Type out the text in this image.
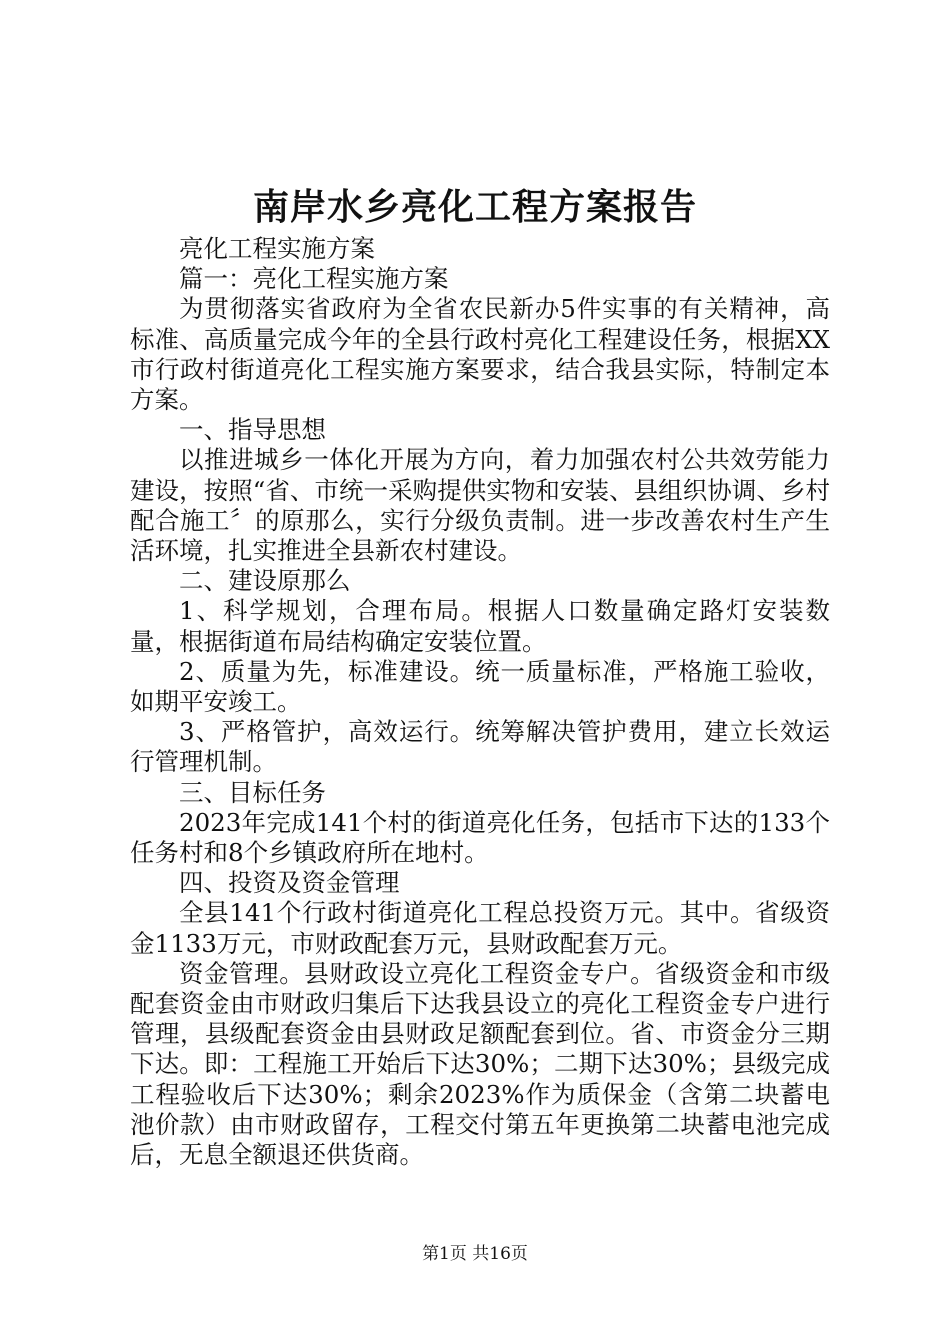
南岸水乡亮化工程方案报告

亮化工程实施方案

篇一：亮化工程实施方案

为贯彻落实省政府为全省农民新办5件实事的有关精神，高标准、高质量完成今年的全县行政村亮化工程建设任务，根据XX市行政村街道亮化工程实施方案要求，结合我县实际，特制定本方案。

一、指导思想

以推进城乡一体化开展为方向，着力加强农村公共效劳能力建设，按照“省、市统一采购提供实物和安装、县组织协调、乡村配合施工〞的原那么，实行分级负责制。进一步改善农村生产生活环境，扎实推进全县新农村建设。

二、建设原那么

1、科学规划，合理布局。根据人口数量确定路灯安装数量，根据街道布局结构确定安装位置。

2、质量为先，标准建设。统一质量标准，严格施工验收，如期平安竣工。

3、严格管护，高效运行。统筹解决管护费用，建立长效运行管理机制。

三、目标任务

2023年完成141个村的街道亮化任务，包括市下达的133个任务村和8个乡镇政府所在地村。

四、投资及资金管理

全县141个行政村街道亮化工程总投资万元。其中。省级资金1133万元，市财政配套万元，县财政配套万元。

资金管理。县财政设立亮化工程资金专户。省级资金和市级配套资金由市财政归集后下达我县设立的亮化工程资金专户进行管理，县级配套资金由县财政足额配套到位。省、市资金分三期下达。即：工程施工开始后下达30%；二期下达30%；县级完成工程验收后下达30%；剩余2023%作为质保金（含第二块蓄电池价款）由市财政留存，工程交付第五年更换第二块蓄电池完成后，无息全额退还供货商。

第1页 共16页
